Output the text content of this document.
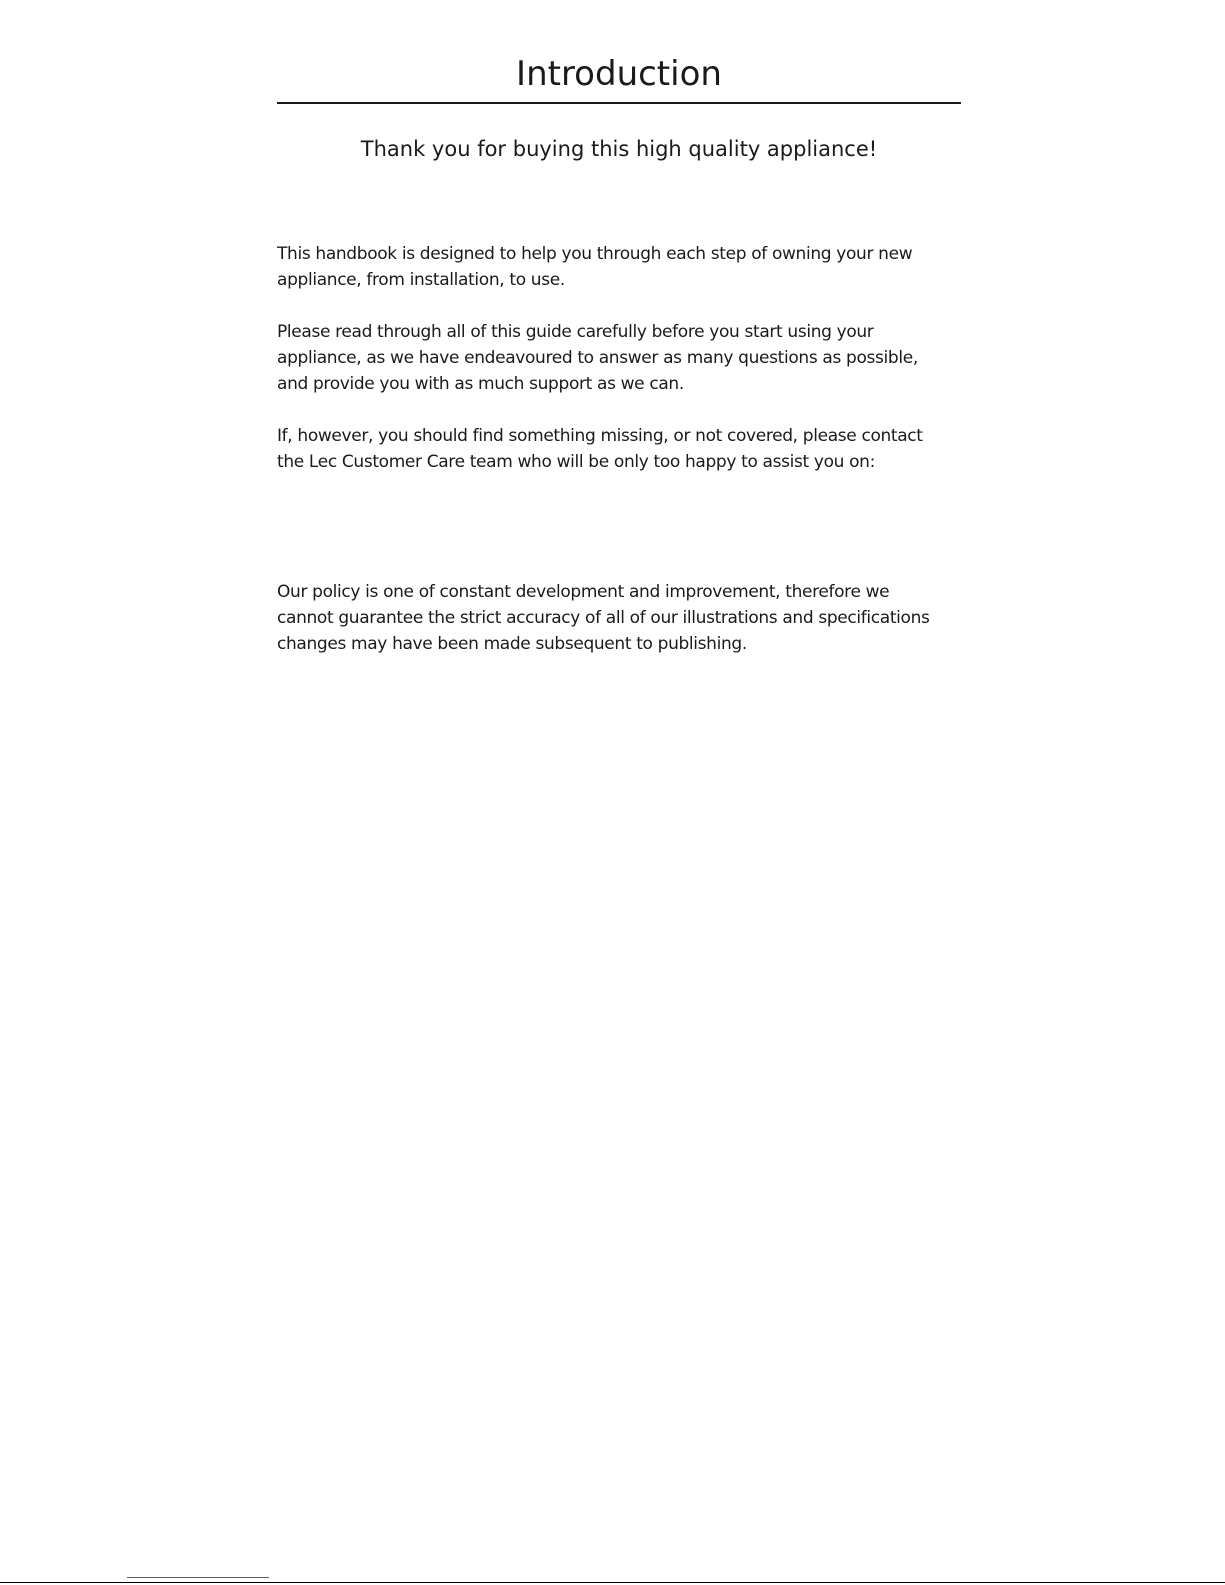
Introduction

Thank you for buying this high quality appliance!

This handbook is designed to help you through each step of owning your new
appliance, from installation, to use.

Please read through all of this guide carefully before you start using your
appliance, as we have endeavoured to answer as many questions as possible,
and provide you with as much support as we can.

If, however, you should find something missing, or not covered, please contact
the Lec Customer Care team who will be only too happy to assist you on:

Our policy is one of constant development and improvement, therefore we
cannot guarantee the strict accuracy of all of our illustrations and specifications
changes may have been made subsequent to publishing.
